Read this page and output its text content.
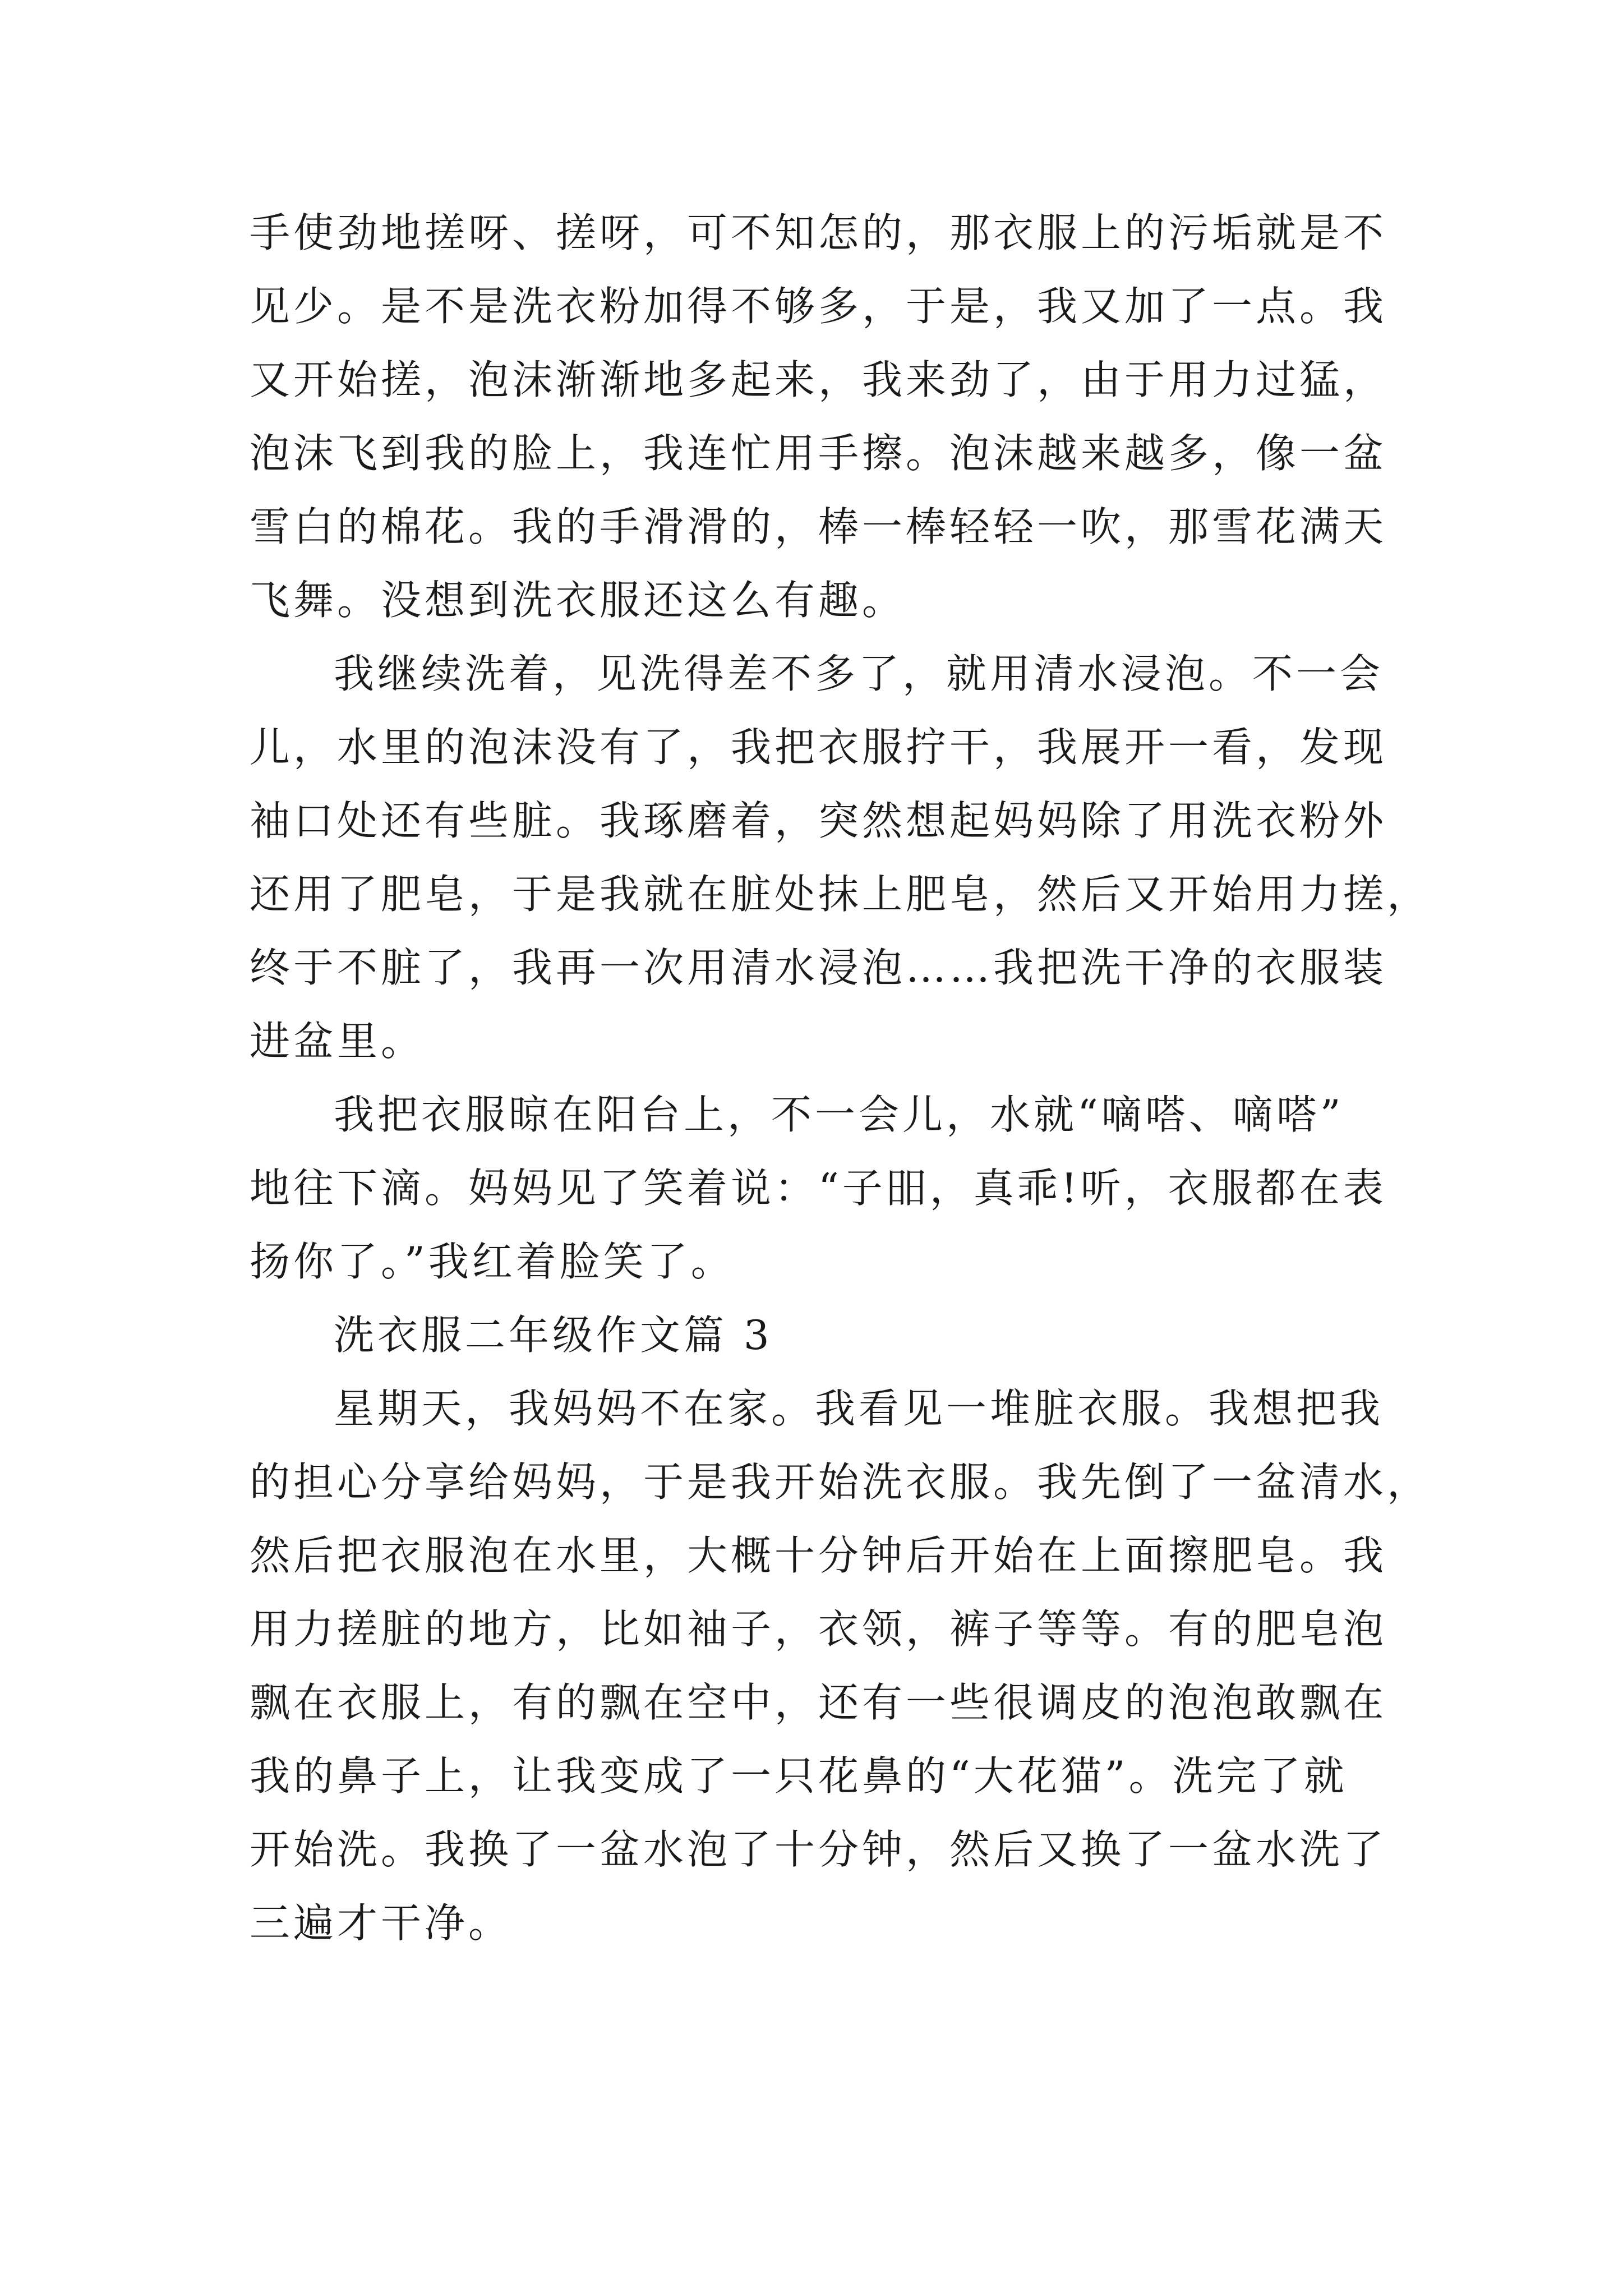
手使劲地搓呀、搓呀，可不知怎的，那衣服上的污垢就是不
见少。是不是洗衣粉加得不够多，于是，我又加了一点。我
又开始搓，泡沫渐渐地多起来，我来劲了，由于用力过猛，
泡沫飞到我的脸上，我连忙用手擦。泡沫越来越多，像一盆
雪白的棉花。我的手滑滑的，棒一棒轻轻一吹，那雪花满天
飞舞。没想到洗衣服还这么有趣。
我继续洗着，见洗得差不多了，就用清水浸泡。不一会
儿，水里的泡沫没有了，我把衣服拧干，我展开一看，发现
袖口处还有些脏。我琢磨着，突然想起妈妈除了用洗衣粉外
还用了肥皂，于是我就在脏处抹上肥皂，然后又开始用力搓，
终于不脏了，我再一次用清水浸泡……我把洗干净的衣服装
进盆里。
我把衣服晾在阳台上，不一会儿，水就“嘀嗒、嘀嗒”
地往下滴。妈妈见了笑着说：“子昍，真乖!听，衣服都在表
扬你了。”我红着脸笑了。
洗衣服二年级作文篇 3
星期天，我妈妈不在家。我看见一堆脏衣服。我想把我
的担心分享给妈妈，于是我开始洗衣服。我先倒了一盆清水，
然后把衣服泡在水里，大概十分钟后开始在上面擦肥皂。我
用力搓脏的地方，比如袖子，衣领，裤子等等。有的肥皂泡
飘在衣服上，有的飘在空中，还有一些很调皮的泡泡敢飘在
我的鼻子上，让我变成了一只花鼻的“大花猫”。洗完了就
开始洗。我换了一盆水泡了十分钟，然后又换了一盆水洗了
三遍才干净。
